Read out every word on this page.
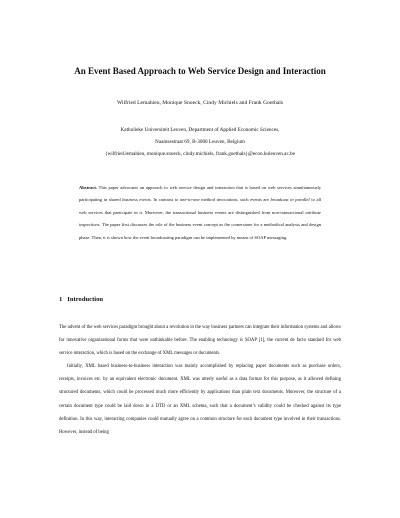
An Event Based Approach to Web Service Design and Interaction
Wilfried Lemahieu, Monique Snoeck, Cindy Michiels and Frank Goethals
Katholieke Universiteit Leuven, Department of Applied Economic Sciences,
Naamsestraat 69, B-3000 Leuven, Belgium
{wilfried.lemahieu, monique.snoeck, cindy.michiels, frank.goethals}@econ.kuleuven.ac.be
Abstract. This paper advocates an approach to web service design and interaction that is based on web services simultaneously participating in shared business events. In contrast to one-to-one method invocations, such events are broadcast in parallel to all web services that participate in it. Moreover, the transactional business events are distinguished from non-transactional attribute inspections. The paper first discusses the role of the business event concept as the cornerstone for a methodical analysis and design phase. Then, it is shown how the event broadcasting paradigm can be implemented by means of SOAP messaging.
1 Introduction

The advent of the web services paradigm brought about a revolution in the way business partners can integrate their information systems and allows for innovative organizational forms that were unthinkable before. The enabling technology is SOAP [1], the current de facto standard for web service interaction, which is based on the exchange of XML messages or documents.

Initially, XML based business-to-business interaction was mainly accomplished by replacing paper documents such as purchase orders, receipts, invoices etc. by an equivalent electronic document. XML was utterly useful as a data format for this purpose, as it allowed defining structured documents, which could be processed much more efficiently by applications than plain text documents. Moreover, the structure of a certain document type could be laid down in a DTD or an XML schema, such that a document’s validity could be checked against its type definition. In this way, interacting companies could mutually agree on a common structure for each document type involved in their transactions. However, instead of being
